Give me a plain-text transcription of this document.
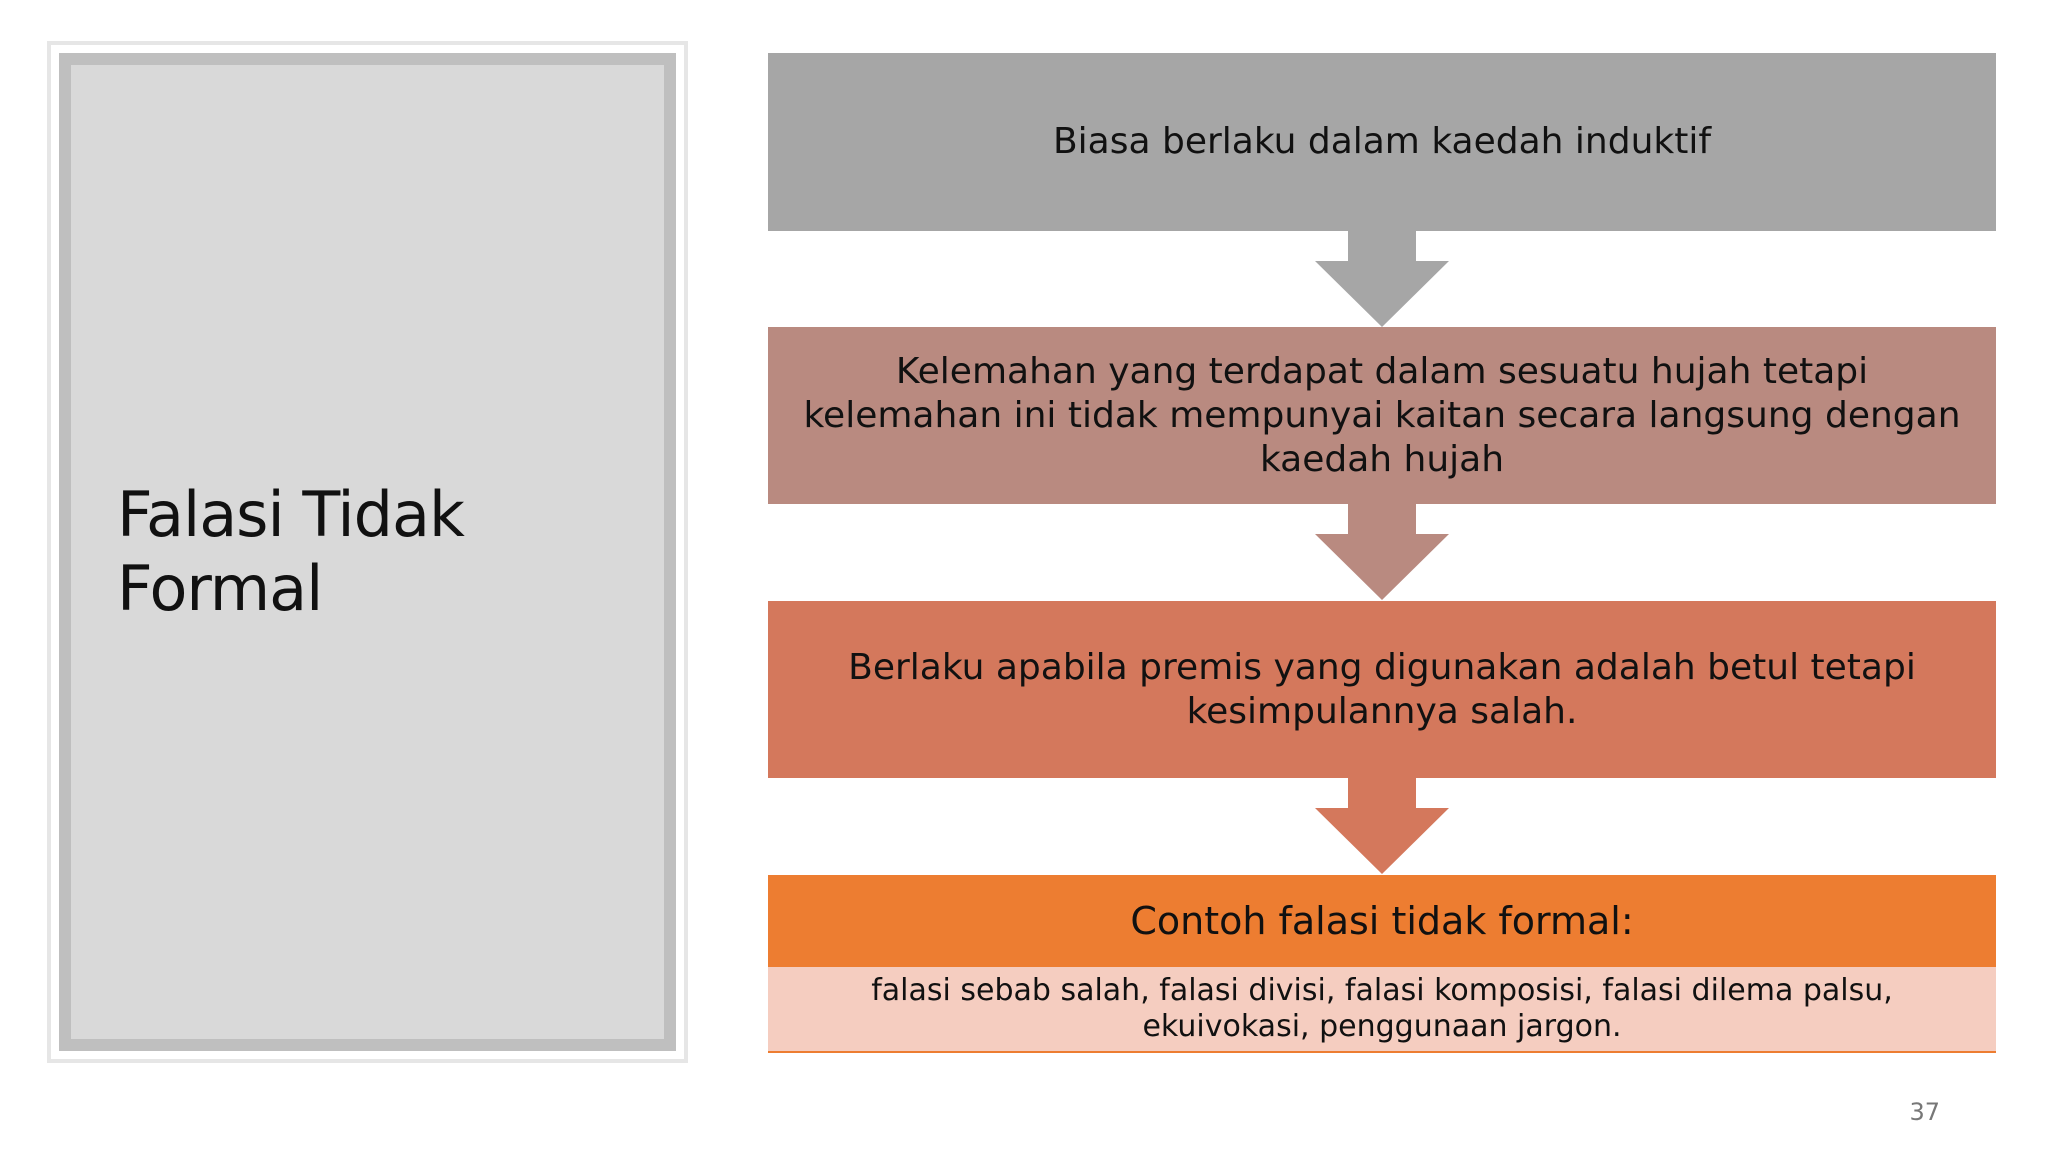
Falasi Tidak Formal
Biasa berlaku dalam kaedah induktif
Kelemahan yang terdapat dalam sesuatu hujah tetapi kelemahan ini tidak mempunyai kaitan secara langsung dengan kaedah hujah
Berlaku apabila premis yang digunakan adalah betul tetapi kesimpulannya salah.
Contoh falasi tidak formal:
falasi sebab salah, falasi divisi, falasi komposisi, falasi dilema palsu, ekuivokasi, penggunaan jargon.
37
